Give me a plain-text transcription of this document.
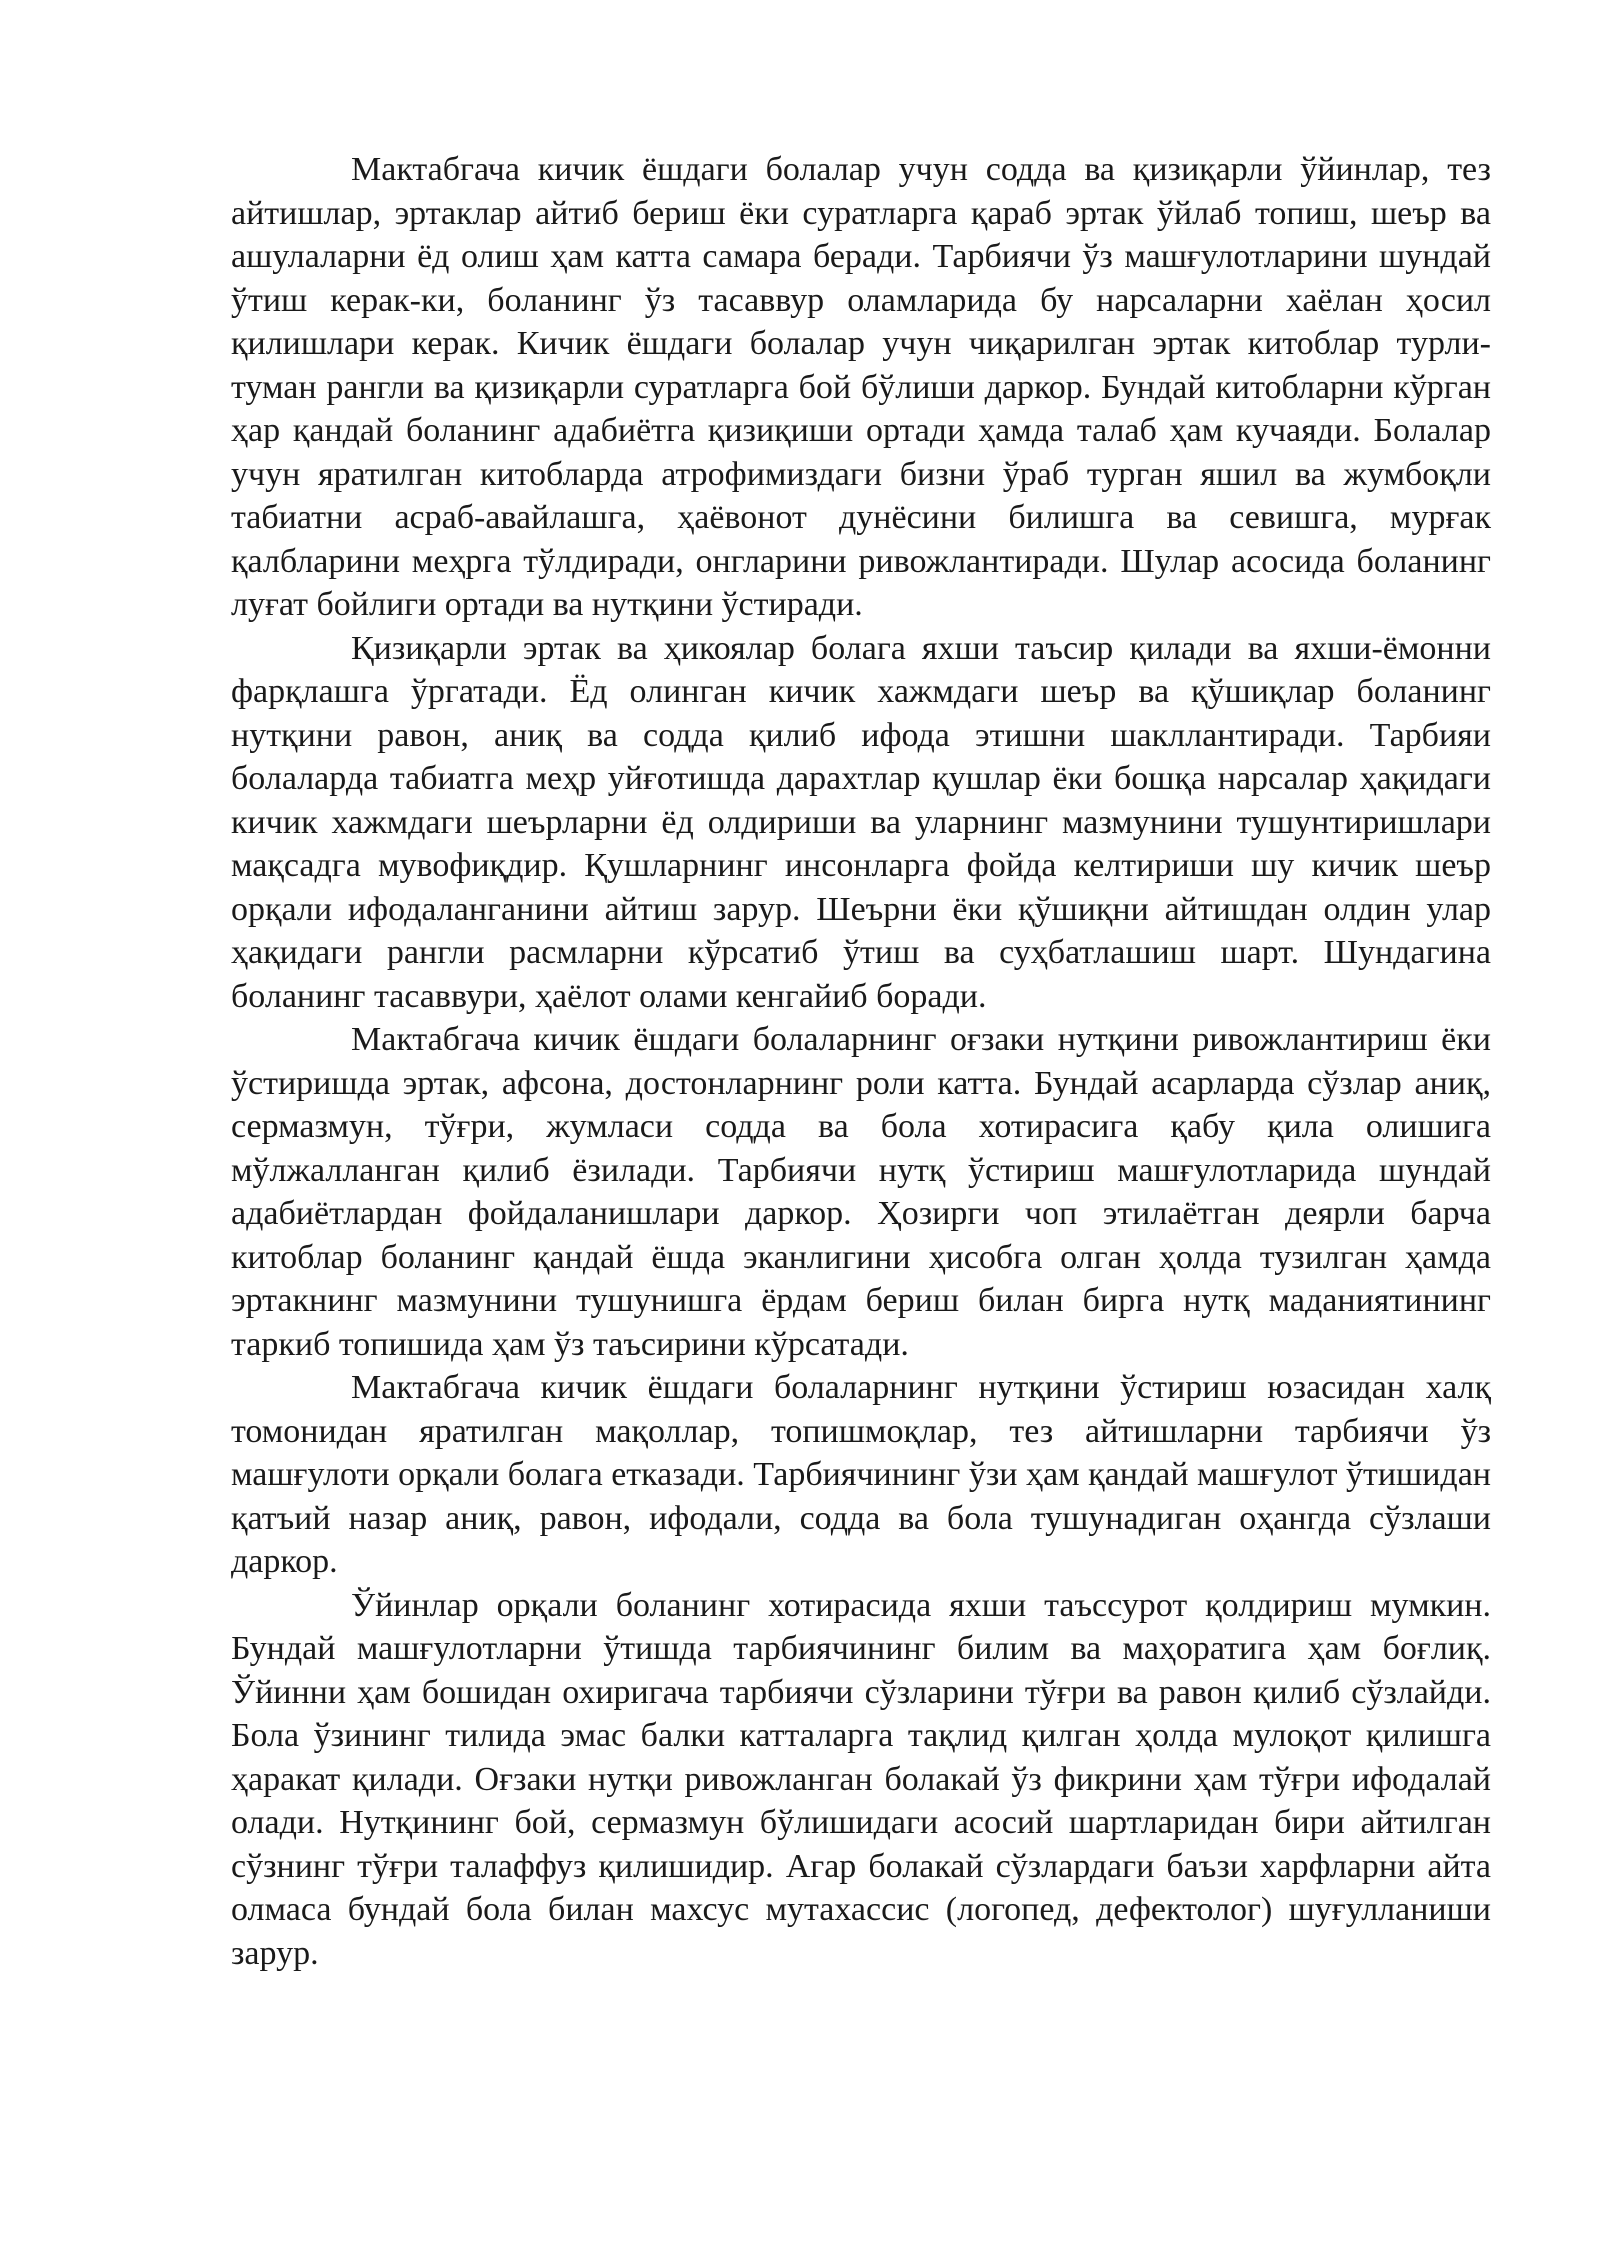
Мактабгача кичик ёшдаги болалар учун содда ва қизиқарли ўйинлар, тез айтишлар, эртаклар айтиб бериш ёки суратларга қараб эртак ўйлаб топиш, шеър ва ашулаларни ёд олиш ҳам катта самара беради. Тарбиячи ўз машғулотларини шундай ўтиш керак-ки, боланинг ўз тасаввур оламларида бу нарсаларни хаёлан ҳосил қилишлари керак. Кичик ёшдаги болалар учун чиқарилган эртак китоблар турли-туман рангли ва қизиқарли суратларга бой бўлиши даркор. Бундай китобларни кўрган ҳар қандай боланинг адабиётга қизиқиши ортади ҳамда талаб ҳам кучаяди. Болалар учун яратилган китобларда атрофимиздаги бизни ўраб турган яшил ва жумбоқли табиатни асраб-авайлашга, ҳаёвонот дунёсини билишга ва севишга, мурғак қалбларини меҳрга тўлдиради, онгларини ривожлантиради. Шулар асосида боланинг луғат бойлиги ортади ва нутқини ўстиради.

Қизиқарли эртак ва ҳикоялар болага яхши таъсир қилади ва яхши-ёмонни фарқлашга ўргатади. Ёд олинган кичик хажмдаги шеър ва қўшиқлар боланинг нутқини равон, аниқ ва содда қилиб ифода этишни шакллантиради. Тарбияи болаларда табиатга меҳр уйғотишда дарахтлар қушлар ёки бошқа нарсалар ҳақидаги кичик хажмдаги шеърларни ёд олдириши ва уларнинг мазмунини тушунтиришлари мақсадга мувофиқдир. Қушларнинг инсонларга фойда келтириши шу кичик шеър орқали ифодаланганини айтиш зарур. Шеърни ёки қўшиқни айтишдан олдин улар ҳақидаги рангли расмларни кўрсатиб ўтиш ва суҳбатлашиш шарт. Шундагина боланинг тасаввури, ҳаёлот олами кенгайиб боради.

Мактабгача кичик ёшдаги болаларнинг оғзаки нутқини ривожлантириш ёки ўстиришда эртак, афсона, достонларнинг роли катта. Бундай асарларда сўзлар аниқ, сермазмун, тўғри, жумласи содда ва бола хотирасига қабу қила олишига мўлжалланган қилиб ёзилади. Тарбиячи нутқ ўстириш машғулотларида шундай адабиётлардан фойдаланишлари даркор. Ҳозирги чоп этилаётган деярли барча китоблар боланинг қандай ёшда эканлигини ҳисобга олган ҳолда тузилган ҳамда эртакнинг мазмунини тушунишга ёрдам бериш билан бирга нутқ маданиятининг таркиб топишида ҳам ўз таъсирини кўрсатади.

Мактабгача кичик ёшдаги болаларнинг нутқини ўстириш юзасидан халқ томонидан яратилган мақоллар, топишмоқлар, тез айтишларни тарбиячи ўз машғулоти орқали болага етказади. Тарбиячининг ўзи ҳам қандай машғулот ўтишидан қатъий назар аниқ, равон, ифодали, содда ва бола тушунадиган оҳангда сўзлаши даркор.

Ўйинлар орқали боланинг хотирасида яхши таъссурот қолдириш мумкин. Бундай машғулотларни ўтишда тарбиячининг билим ва маҳоратига ҳам боғлиқ. Ўйинни ҳам бошидан охиригача тарбиячи сўзларини тўғри ва равон қилиб сўзлайди. Бола ўзининг тилида эмас балки катталарга тақлид қилган ҳолда мулоқот қилишга ҳаракат қилади. Оғзаки нутқи ривожланган болакай ўз фикрини ҳам тўғри ифодалай олади. Нутқининг бой, сермазмун бўлишидаги асосий шартларидан бири айтилган сўзнинг тўғри талаффуз қилишидир. Агар болакай сўзлардаги баъзи харфларни айта олмаса бундай бола билан махсус мутахассис (логопед, дефектолог) шуғулланиши зарур.
